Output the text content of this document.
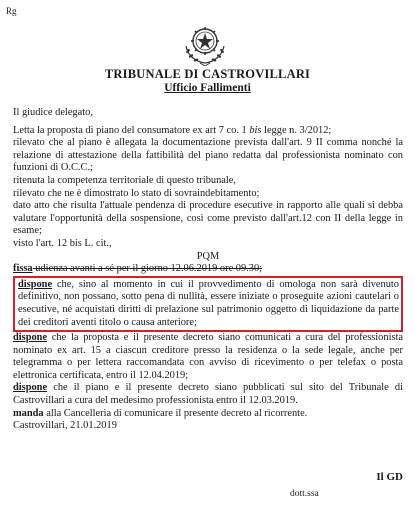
Rg
TRIBUNALE DI CASTROVILLARI
Ufficio Fallimenti

Il giudice delegato,

Letta la proposta di piano del consumatore ex art 7 co. 1 bis legge n. 3/2012;

rilevato che al piano è allegata la documentazione prevista dall'art. 9 II comma nonché la relazione di attestazione della fattibilità del piano redatta dal professionista nominato con funzioni di O.C.C.;

ritenuta la competenza territoriale di questo tribunale,

rilevato che ne è dimostrato lo stato di sovraindebitamento;

dato atto che risulta l'attuale pendenza di procedure esecutive in rapporto alle quali si debba valutare l'opportunità della sospensione, così come previsto dall'art.12 con II della legge in esame;

visto l'art. 12 bis L. cit.,

PQM

fissa udienza avanti a sé per il giorno 12.06.2019 ore 09.30;

dispone che, sino al momento in cui il provvedimento di omologa non sarà divenuto definitivo, non possano, sotto pena di nullità, essere iniziate o proseguite azioni cautelari o esecutive, né acquistati diritti di prelazione sul patrimonio oggetto di liquidazione da parte dei creditori aventi titolo o causa anteriore;

dispone che la proposta e il presente decreto siano comunicati a cura del professionista nominato ex art. 15 a ciascun creditore presso la residenza o la sede legale, anche per telegramma o per lettera raccomandata con avviso di ricevimento o per telefax o posta elettronica certificata, entro il 12.04.2019;

dispone che il piano e il presente decreto siano pubblicati sul sito del Tribunale di Castrovillari a cura del medesimo professionista entro il 12.03.2019.

manda alla Cancelleria di comunicare il presente decreto al ricorrente.

Castrovillari, 21.01.2019

Il GD
dott.ssa
